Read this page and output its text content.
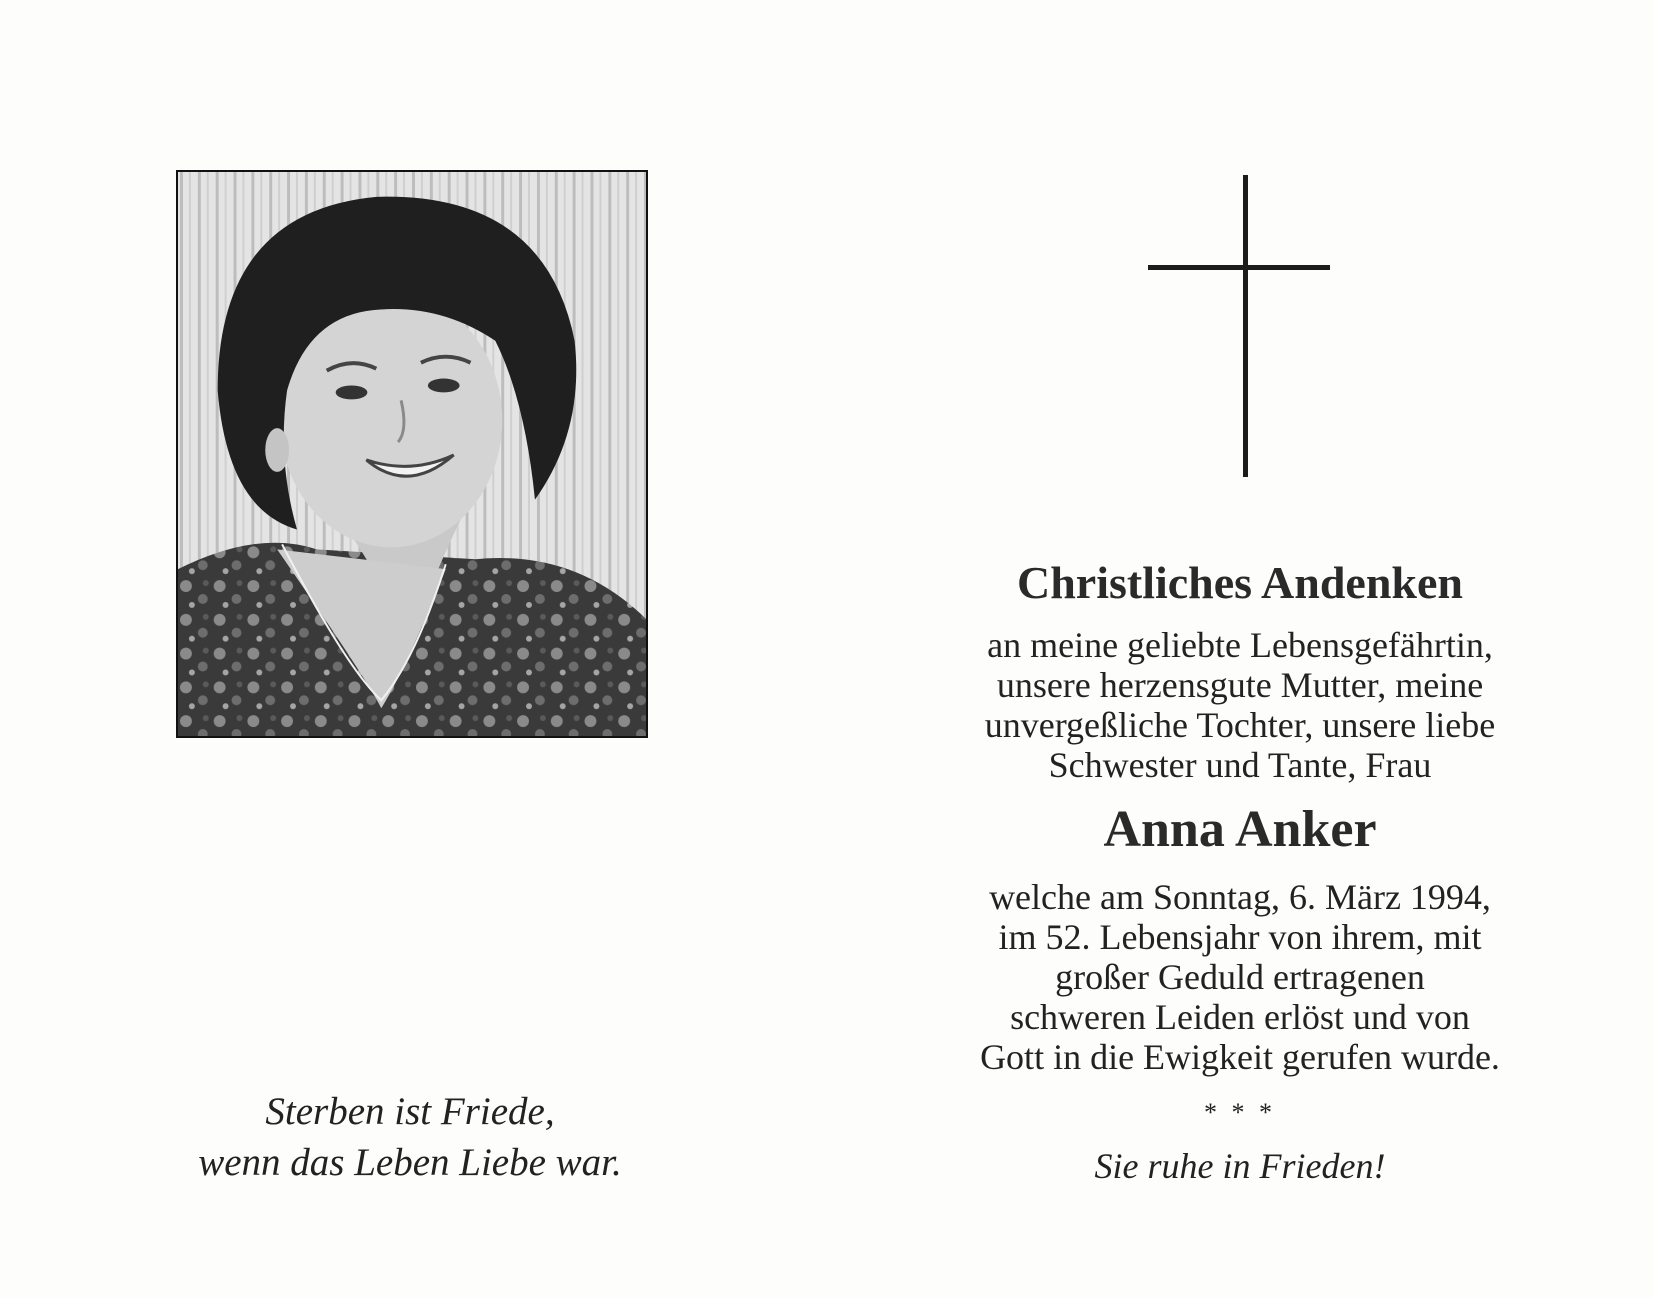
Sterben ist Friede,
wenn das Leben Liebe war.
Christliches Andenken
an meine geliebte Lebensgefährtin,
unsere herzensgute Mutter, meine
unvergeßliche Tochter, unsere liebe
Schwester und Tante, Frau
Anna Anker
welche am Sonntag, 6. März 1994,
im 52. Lebensjahr von ihrem, mit
großer Geduld ertragenen
schweren Leiden erlöst und von
Gott in die Ewigkeit gerufen wurde.
* * *
Sie ruhe in Frieden!
